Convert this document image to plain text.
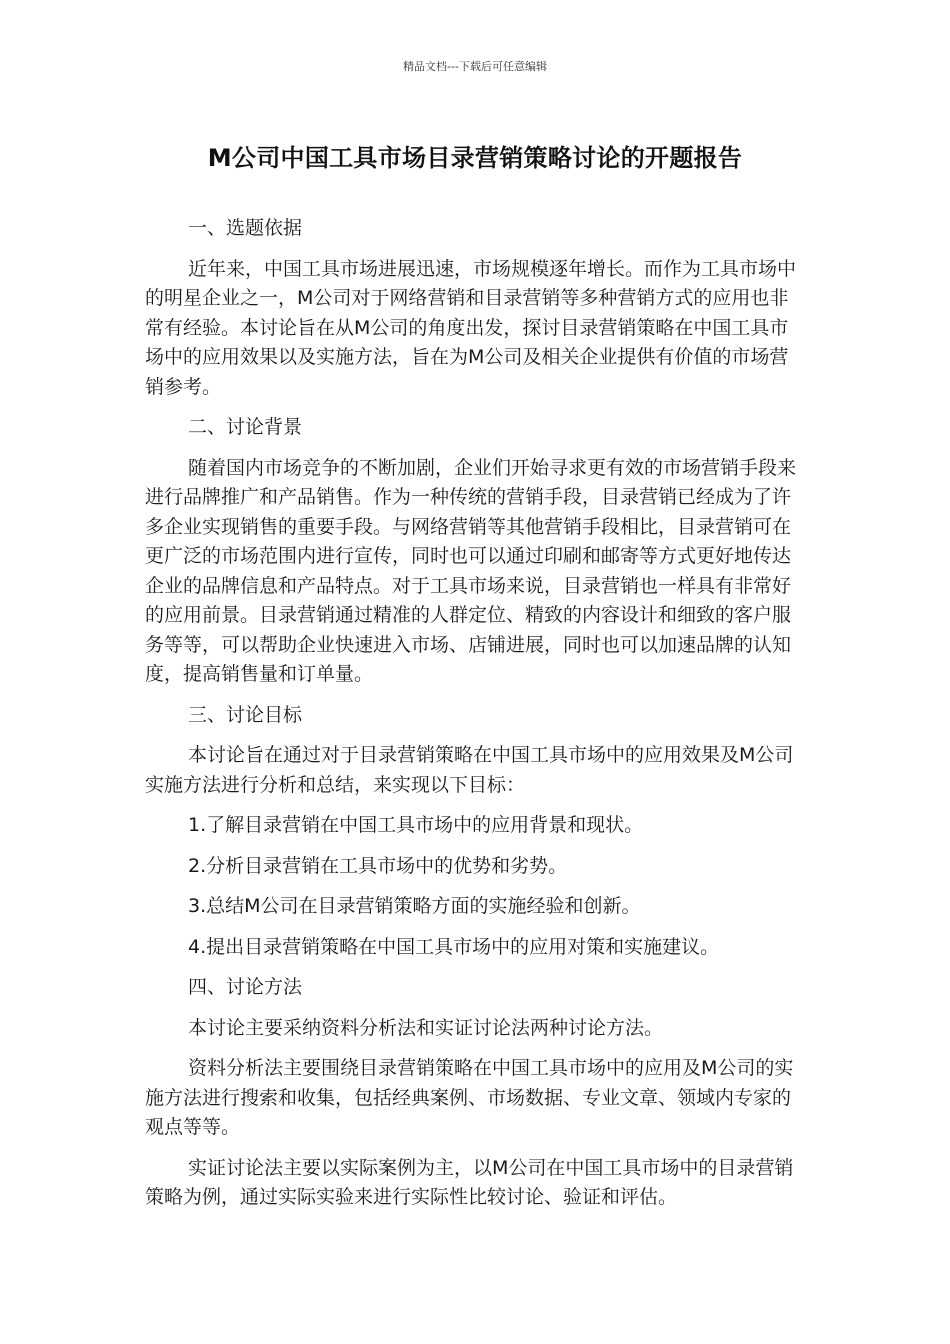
精品文档---下载后可任意编辑
M公司中国工具市场目录营销策略讨论的开题报告

一、选题依据

近年来，中国工具市场进展迅速，市场规模逐年增长。而作为工具市场中的明星企业之一，M公司对于网络营销和目录营销等多种营销方式的应用也非常有经验。本讨论旨在从M公司的角度出发，探讨目录营销策略在中国工具市场中的应用效果以及实施方法，旨在为M公司及相关企业提供有价值的市场营销参考。

二、讨论背景

随着国内市场竞争的不断加剧，企业们开始寻求更有效的市场营销手段来进行品牌推广和产品销售。作为一种传统的营销手段，目录营销已经成为了许多企业实现销售的重要手段。与网络营销等其他营销手段相比，目录营销可在更广泛的市场范围内进行宣传，同时也可以通过印刷和邮寄等方式更好地传达企业的品牌信息和产品特点。对于工具市场来说，目录营销也一样具有非常好的应用前景。目录营销通过精准的人群定位、精致的内容设计和细致的客户服务等等，可以帮助企业快速进入市场、店铺进展，同时也可以加速品牌的认知度，提高销售量和订单量。

三、讨论目标

本讨论旨在通过对于目录营销策略在中国工具市场中的应用效果及M公司实施方法进行分析和总结，来实现以下目标：

1.了解目录营销在中国工具市场中的应用背景和现状。

2.分析目录营销在工具市场中的优势和劣势。

3.总结M公司在目录营销策略方面的实施经验和创新。

4.提出目录营销策略在中国工具市场中的应用对策和实施建议。

四、讨论方法

本讨论主要采纳资料分析法和实证讨论法两种讨论方法。

资料分析法主要围绕目录营销策略在中国工具市场中的应用及M公司的实施方法进行搜索和收集，包括经典案例、市场数据、专业文章、领域内专家的观点等等。

实证讨论法主要以实际案例为主，以M公司在中国工具市场中的目录营销策略为例，通过实际实验来进行实际性比较讨论、验证和评估。
